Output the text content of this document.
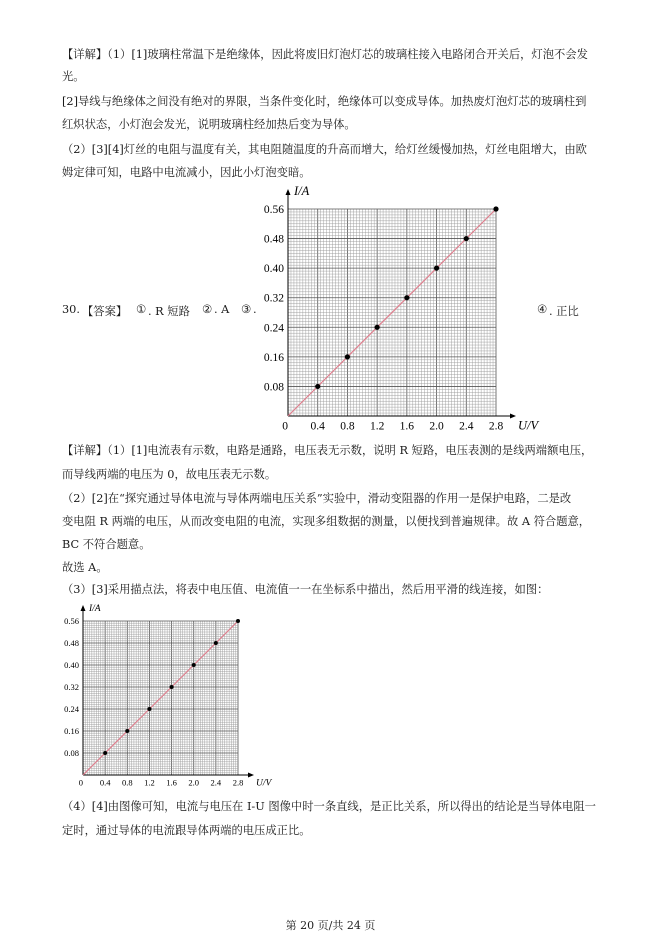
【详解】（1）[1]玻璃柱常温下是绝缘体，因此将废旧灯泡灯芯的玻璃柱接入电路闭合开关后，灯泡不会发
光。
[2]导线与绝缘体之间没有绝对的界限，当条件变化时，绝缘体可以变成导体。加热废灯泡灯芯的玻璃柱到
红炽状态，小灯泡会发光，说明玻璃柱经加热后变为导体。
（2）[3][4]灯丝的电阻与温度有关，其电阻随温度的升高而增大，给灯丝缓慢加热，灯丝电阻增大，由欧
姆定律可知，电路中电流减小，因此小灯泡变暗。
30. 【答案】 ① . R 短路 ② . A ③ .	④ . 正比
0 0.4 0.8 1.2 1.6 2.0 2.4 2.8
0.08
0.16
0.24
0.32
0.40
0.48
0.56
U/V
I/A
【详解】（1）[1]电流表有示数，电路是通路，电压表无示数，说明 R 短路，电压表测的是线两端额电压，
而导线两端的电压为 0，故电压表无示数。
（2）[2]在“探究通过导体电流与导体两端电压关系”实验中，滑动变阻器的作用一是保护电路，二是改
变电阻 R 两端的电压，从而改变电阻的电流，实现多组数据的测量，以便找到普遍规律。故 A 符合题意，
BC 不符合题意。
故选 A。
（3）[3]采用描点法，将表中电压值、电流值一一在坐标系中描出，然后用平滑的线连接，如图：
0 0.4 0.8 1.2 1.6 2.0 2.4 2.8
0.08
0.16
0.24
0.32
0.40
0.48
0.56
U/V
I/A
（4）[4]由图像可知，电流与电压在 I-U 图像中时一条直线，是正比关系，所以得出的结论是当导体电阻一
定时，通过导体的电流跟导体两端的电压成正比。
第 20 页/共 24 页
